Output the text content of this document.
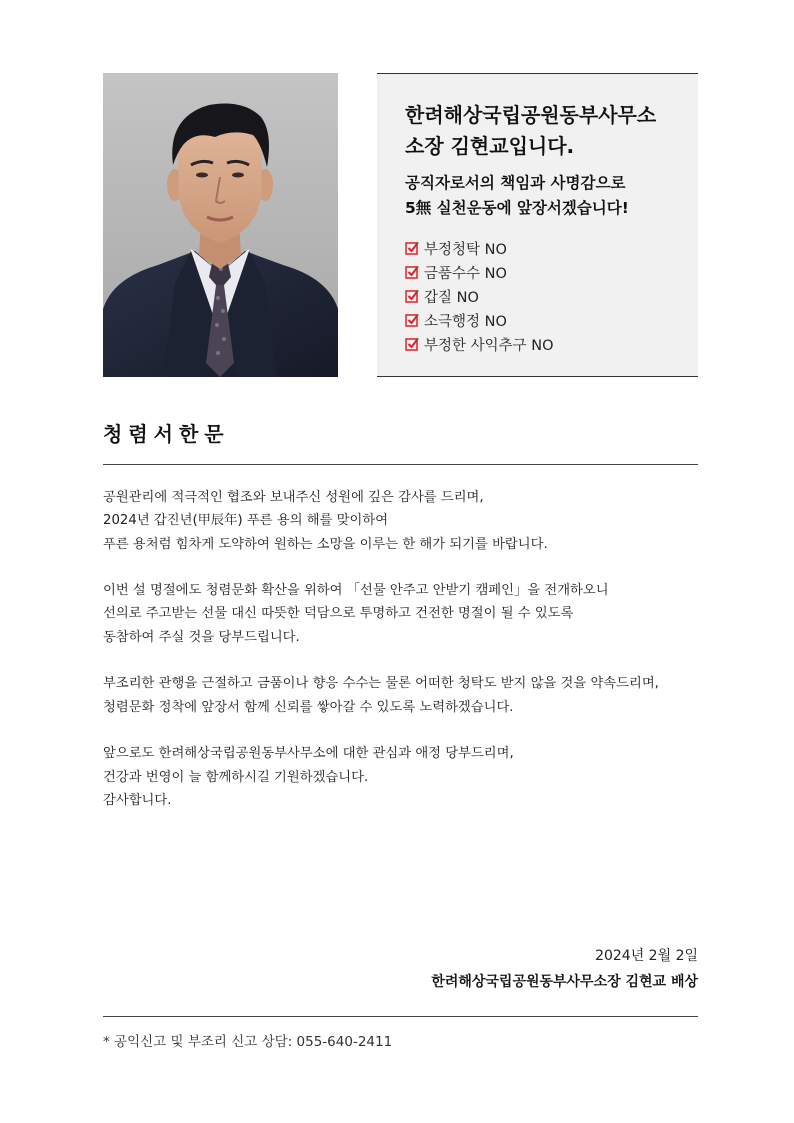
한려해상국립공원동부사무소
소장 김현교입니다.
공직자로서의 책임과 사명감으로
5無 실천운동에 앞장서겠습니다!
부정청탁 NO
금품수수 NO
갑질 NO
소극행정 NO
부정한 사익추구 NO
청렴서한문

공원관리에 적극적인 협조와 보내주신 성원에 깊은 감사를 드리며,
2024년 갑진년(甲辰年) 푸른 용의 해를 맞이하여
푸른 용처럼 힘차게 도약하여 원하는 소망을 이루는 한 해가 되기를 바랍니다.

이번 설 명절에도 청렴문화 확산을 위하여 「선물 안주고 안받기 캠페인」을 전개하오니
선의로 주고받는 선물 대신 따뜻한 덕담으로 투명하고 건전한 명절이 될 수 있도록
동참하여 주실 것을 당부드립니다.

부조리한 관행을 근절하고 금품이나 향응 수수는 물론 어떠한 청탁도 받지 않을 것을 약속드리며,
청렴문화 정착에 앞장서 함께 신뢰를 쌓아갈 수 있도록 노력하겠습니다.

앞으로도 한려해상국립공원동부사무소에 대한 관심과 애정 당부드리며,
건강과 번영이 늘 함께하시길 기원하겠습니다.
감사합니다.

2024년 2월 2일
한려해상국립공원동부사무소장 김현교 배상
* 공익신고 및 부조리 신고 상담: 055-640-2411
